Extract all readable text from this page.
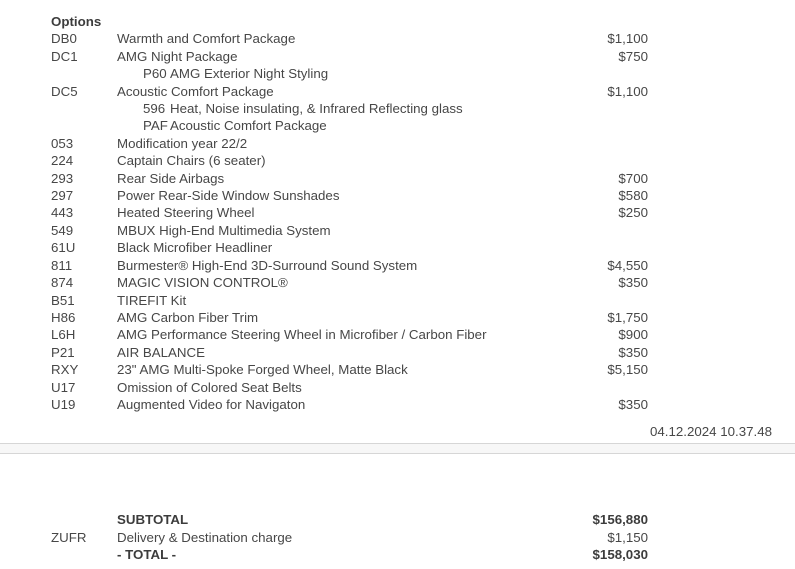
Options
DB0	Warmth and Comfort Package	$1,100
DC1	AMG Night Package	$750
P60 AMG Exterior Night Styling
DC5	Acoustic Comfort Package	$1,100
596 Heat, Noise insulating, & Infrared Reflecting glass
PAF Acoustic Comfort Package
053	Modification year 22/2
224	Captain Chairs (6 seater)
293	Rear Side Airbags	$700
297	Power Rear-Side Window Sunshades	$580
443	Heated Steering Wheel	$250
549	MBUX High-End Multimedia System
61U	Black Microfiber Headliner
811	Burmester® High-End 3D-Surround Sound System	$4,550
874	MAGIC VISION CONTROL®	$350
B51	TIREFIT Kit
H86	AMG Carbon Fiber Trim	$1,750
L6H	AMG Performance Steering Wheel in Microfiber / Carbon Fiber	$900
P21	AIR BALANCE	$350
RXY	23" AMG Multi-Spoke Forged Wheel, Matte Black	$5,150
U17	Omission of Colored Seat Belts
U19	Augmented Video for Navigaton	$350
04.12.2024 10.37.48
SUBTOTAL	$156,880
ZUFR	Delivery & Destination charge	$1,150
- TOTAL -	$158,030
